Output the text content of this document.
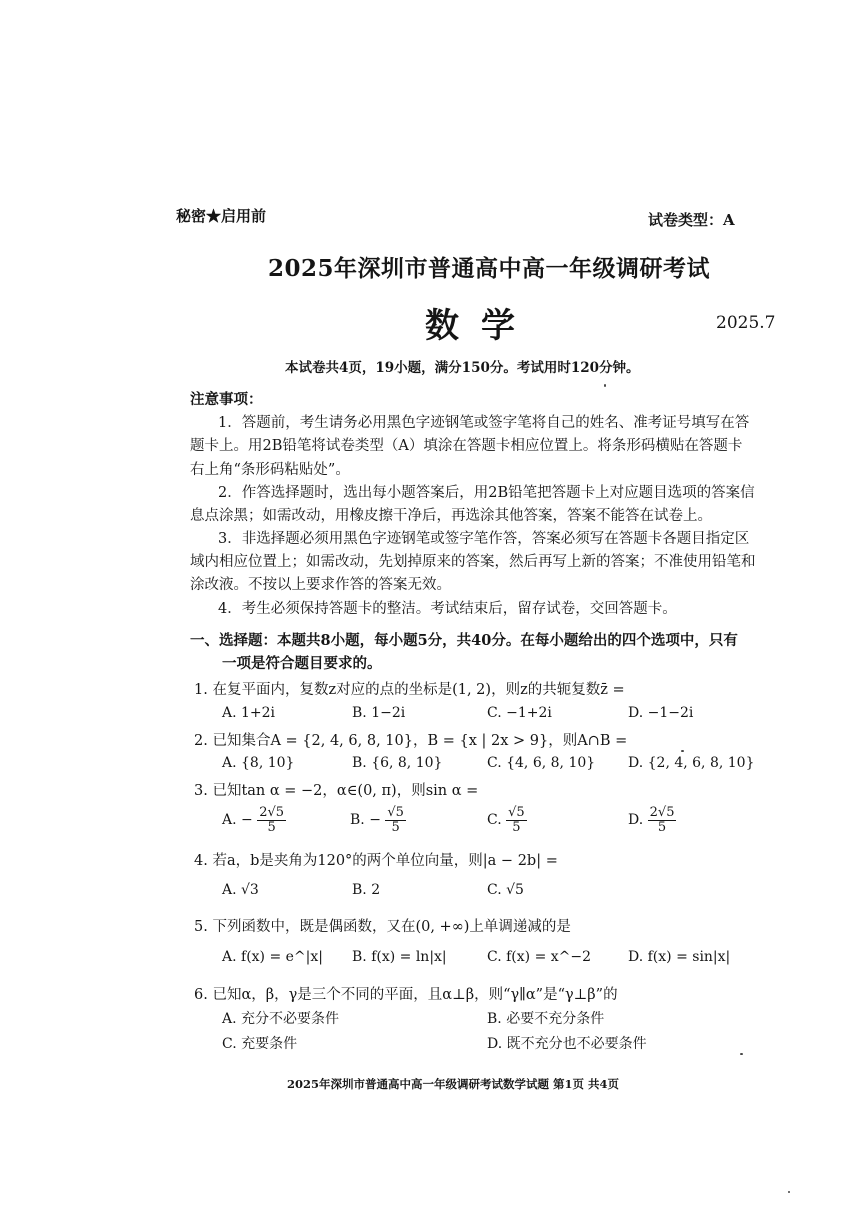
秘密★启用前	试卷类型：A
2025年深圳市普通高中高一年级调研考试
数学	2025.7
本试卷共4页，19小题，满分150分。考试用时120分钟。
注意事项：
1．答题前，考生请务必用黑色字迹钢笔或签字笔将自己的姓名、准考证号填写在答
题卡上。用2B铅笔将试卷类型（A）填涂在答题卡相应位置上。将条形码横贴在答题卡
右上角“条形码粘贴处”。
2．作答选择题时，选出每小题答案后，用2B铅笔把答题卡上对应题目选项的答案信
息点涂黑；如需改动，用橡皮擦干净后，再选涂其他答案，答案不能答在试卷上。
3．非选择题必须用黑色字迹钢笔或签字笔作答，答案必须写在答题卡各题目指定区
域内相应位置上；如需改动，先划掉原来的答案，然后再写上新的答案；不准使用铅笔和
涂改液。不按以上要求作答的答案无效。
4．考生必须保持答题卡的整洁。考试结束后，留存试卷，交回答题卡。
一、选择题：本题共8小题，每小题5分，共40分。在每小题给出的四个选项中，只有
一项是符合题目要求的。
1. 在复平面内，复数z对应的点的坐标是(1, 2)，则z的共轭复数z̄ =
A. 1+2i	B. 1−2i	C. −1+2i	D. −1−2i
2. 已知集合A = {2, 4, 6, 8, 10}，B = {x | 2x > 9}，则A∩B =
A. {8, 10}	B. {6, 8, 10}	C. {4, 6, 8, 10} D. {2, 4, 6, 8, 10}
3. 已知tan α = −2，α∈(0, π)，则sin α =
A. − $\frac{2√5}{5}$	B. − $\frac{√5}{5}$	C. $\frac{√5}{5}$	D. $\frac{2√5}{5}$
4. 若a，b是夹角为120°的两个单位向量，则|a − 2b| =
A. √3	B. 2	C. √5
5. 下列函数中，既是偶函数，又在(0, +∞)上单调递减的是
A. f(x) = e^|x| B. f(x) = ln|x|	C. f(x) = x^−2	D. f(x) = sin|x|
6. 已知α，β，γ是三个不同的平面，且α⊥β，则“γ∥α”是“γ⊥β”的
A. 充分不必要条件	B. 必要不充分条件
C. 充要条件	D. 既不充分也不必要条件
2025年深圳市普通高中高一年级调研考试数学试题 第1页 共4页
